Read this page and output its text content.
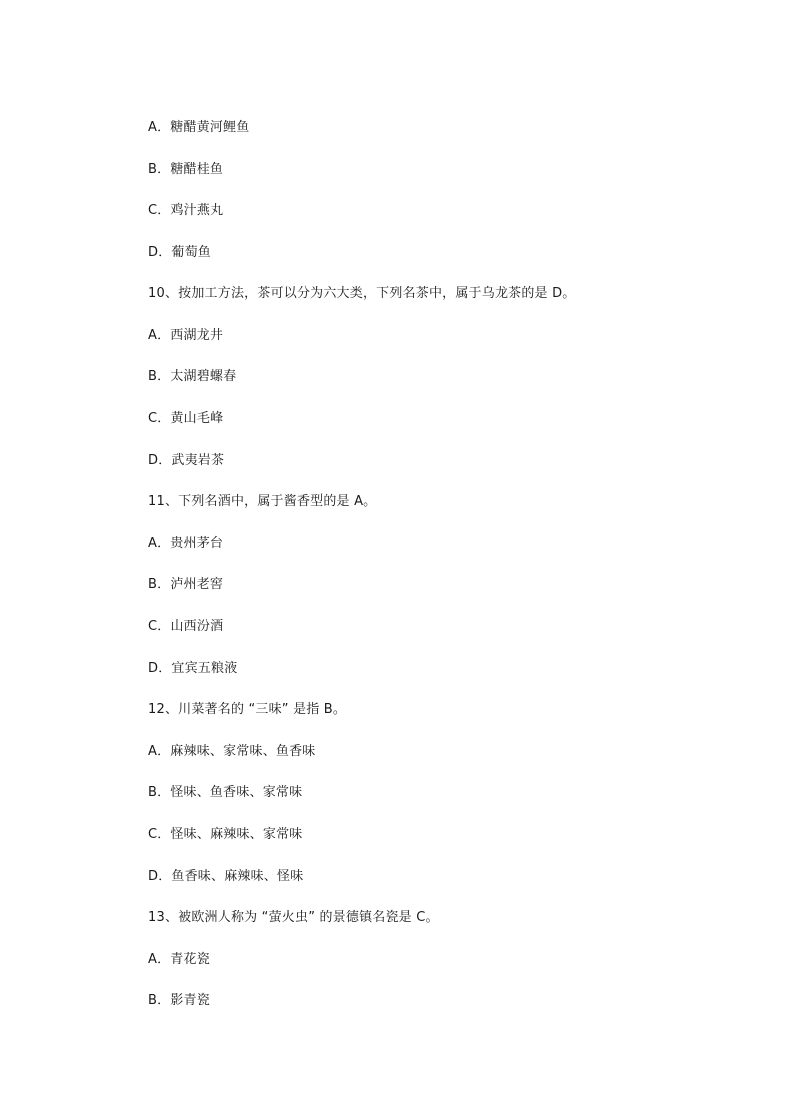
A．糖醋黄河鲤鱼
B．糖醋桂鱼
C．鸡汁燕丸
D．葡萄鱼
10、按加工方法，茶可以分为六大类，下列名茶中，属于乌龙茶的是 D。
A．西湖龙井
B．太湖碧螺春
C．黄山毛峰
D．武夷岩茶
11、下列名酒中，属于酱香型的是 A。
A．贵州茅台
B．泸州老窖
C．山西汾酒
D．宜宾五粮液
12、川菜著名的 “三味” 是指 B。
A．麻辣味、家常味、鱼香味
B．怪味、鱼香味、家常味
C．怪味、麻辣味、家常味
D．鱼香味、麻辣味、怪味
13、被欧洲人称为 “萤火虫” 的景德镇名瓷是 C。
A．青花瓷
B．影青瓷
